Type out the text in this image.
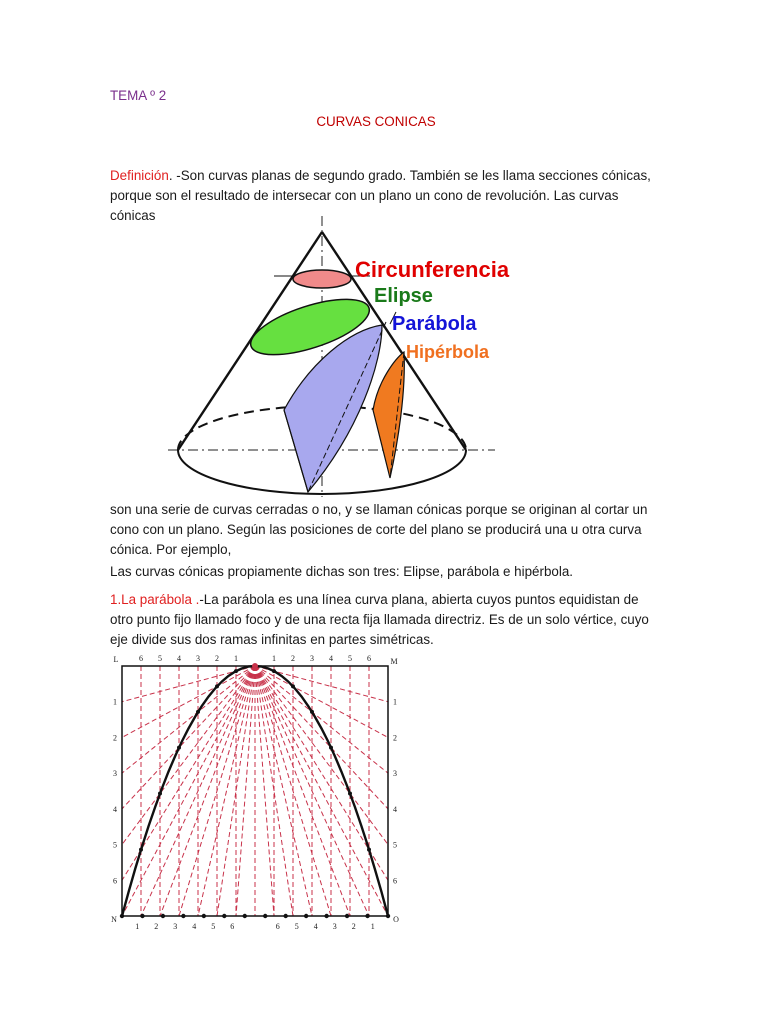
TEMA º 2
CURVAS CONICAS

Definición. -Son curvas planas de segundo grado. También se les llama secciones cónicas, porque son el resultado de intersecar con un plano un cono de revolución. Las curvas cónicas

Circunferencia
Elipse
Parábola
Hipérbola

son una serie de curvas cerradas o no, y se llaman cónicas porque se originan al cortar un cono con un plano. Según las posiciones de corte del plano se producirá una u otra curva cónica. Por ejemplo,

Las curvas cónicas propiamente dichas son tres: Elipse, parábola e hipérbola.

1.La parábola .-La parábola es una línea curva plana, abierta cuyos puntos equidistan de otro punto fijo llamado foco y de una recta fija llamada directriz. Es de un solo vértice, cuyo eje divide sus dos ramas infinitas en partes simétricas.

L	M
N	O
6 5 4 3 2 1	1 2 3 4 5 6
1	1
2	2
3	3
4	4
5	5
6	6
1 2 3 4 5 6	6 5 4 3 2 1
